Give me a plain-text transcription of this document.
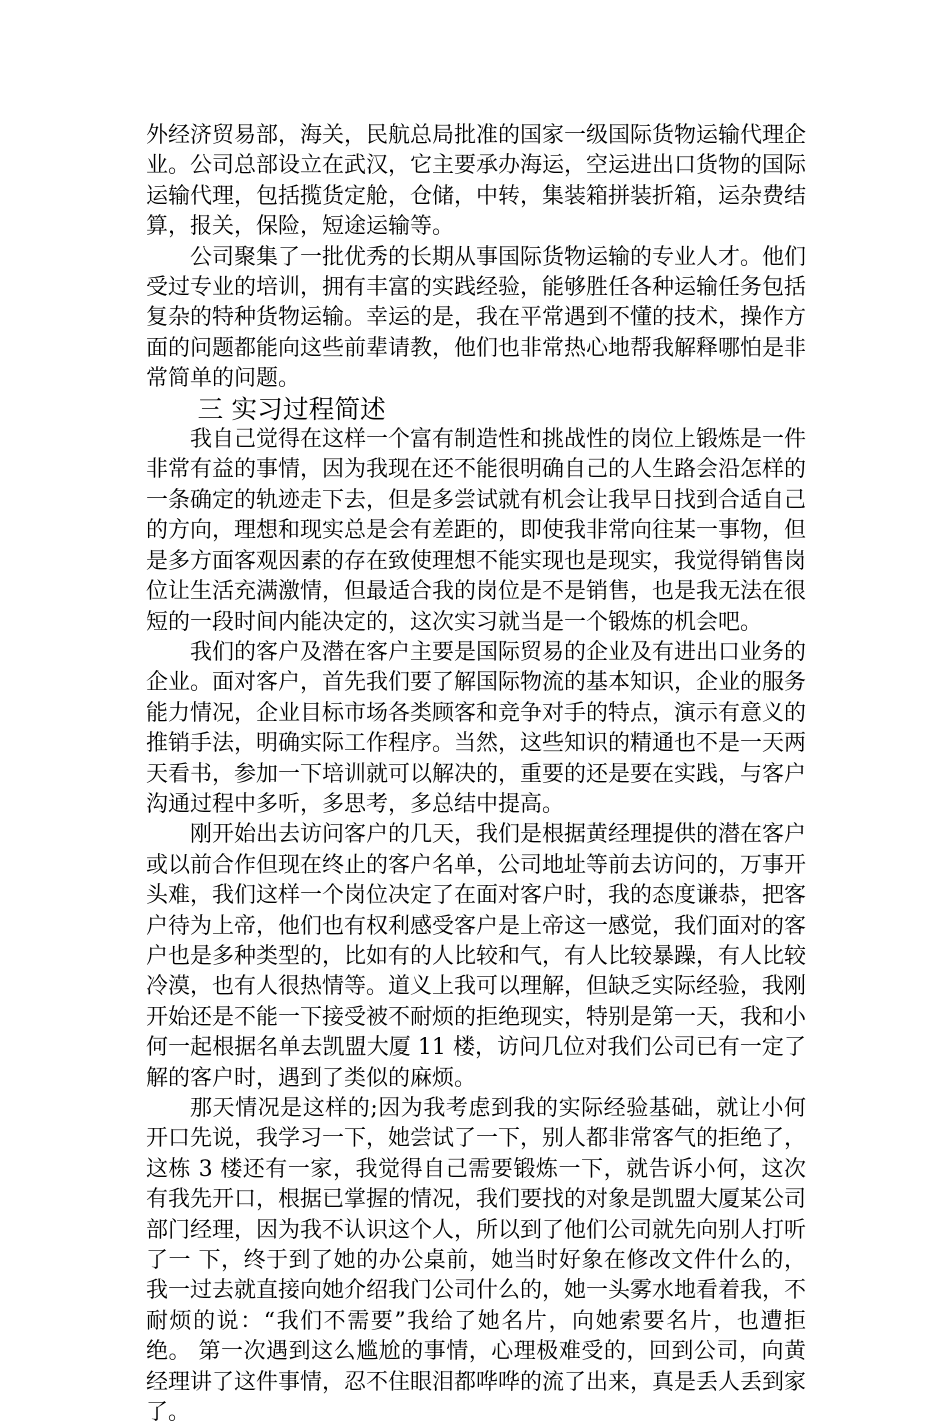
外经济贸易部，海关，民航总局批准的国家一级国际货物运输代理企业。公司总部设立在武汉，它主要承办海运，空运进出口货物的国际运输代理，包括揽货定舱，仓储，中转，集装箱拼装折箱，运杂费结算，报关，保险，短途运输等。

公司聚集了一批优秀的长期从事国际货物运输的专业人才。他们受过专业的培训，拥有丰富的实践经验，能够胜任各种运输任务包括复杂的特种货物运输。幸运的是，我在平常遇到不懂的技术，操作方面的问题都能向这些前辈请教，他们也非常热心地帮我解释哪怕是非常简单的问题。

三 实习过程简述

我自己觉得在这样一个富有制造性和挑战性的岗位上锻炼是一件非常有益的事情，因为我现在还不能很明确自己的人生路会沿怎样的一条确定的轨迹走下去，但是多尝试就有机会让我早日找到合适自己的方向，理想和现实总是会有差距的，即使我非常向往某一事物，但是多方面客观因素的存在致使理想不能实现也是现实，我觉得销售岗位让生活充满激情，但最适合我的岗位是不是销售，也是我无法在很短的一段时间内能决定的，这次实习就当是一个锻炼的机会吧。

我们的客户及潜在客户主要是国际贸易的企业及有进出口业务的企业。面对客户，首先我们要了解国际物流的基本知识，企业的服务能力情况，企业目标市场各类顾客和竞争对手的特点，演示有意义的推销手法，明确实际工作程序。当然，这些知识的精通也不是一天两天看书，参加一下培训就可以解决的，重要的还是要在实践，与客户沟通过程中多听，多思考，多总结中提高。

刚开始出去访问客户的几天，我们是根据黄经理提供的潜在客户或以前合作但现在终止的客户名单，公司地址等前去访问的，万事开头难，我们这样一个岗位决定了在面对客户时，我的态度谦恭，把客户待为上帝，他们也有权利感受客户是上帝这一感觉，我们面对的客户也是多种类型的，比如有的人比较和气，有人比较暴躁，有人比较冷漠，也有人很热情等。道义上我可以理解，但缺乏实际经验，我刚开始还是不能一下接受被不耐烦的拒绝现实，特别是第一天，我和小何一起根据名单去凯盟大厦 11 楼，访问几位对我们公司已有一定了解的客户时，遇到了类似的麻烦。

那天情况是这样的;因为我考虑到我的实际经验基础，就让小何开口先说，我学习一下，她尝试了一下，别人都非常客气的拒绝了，这栋 3 楼还有一家，我觉得自己需要锻炼一下，就告诉小何，这次有我先开口，根据已掌握的情况，我们要找的对象是凯盟大厦某公司部门经理，因为我不认识这个人，所以到了他们公司就先向别人打听了一 下，终于到了她的办公桌前，她当时好象在修改文件什么的，我一过去就直接向她介绍我门公司什么的，她一头雾水地看着我，不耐烦的说：“我们不需要”我给了她名片，向她索要名片，也遭拒绝。 第一次遇到这么尴尬的事情，心理极难受的，回到公司，向黄经理讲了这件事情，忍不住眼泪都哗哗的流了出来，真是丢人丢到家了。
